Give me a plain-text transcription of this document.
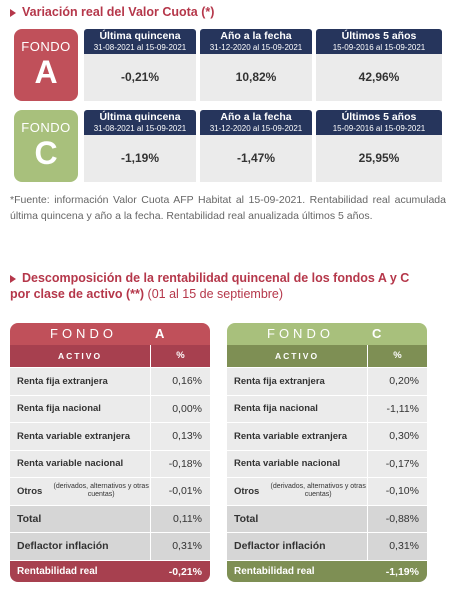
Variación real del Valor Cuota (*)
FONDO
A
Última quincena
31-08-2021 al 15-09-2021
-0,21%
Año a la fecha
31-12-2020 al 15-09-2021
10,82%
Últimos 5 años
15-09-2016 al 15-09-2021
42,96%
FONDO
C
Última quincena
31-08-2021 al 15-09-2021
-1,19%
Año a la fecha
31-12-2020 al 15-09-2021
-1,47%
Últimos 5 años
15-09-2016 al 15-09-2021
25,95%
*Fuente: información Valor Cuota AFP Habitat al 15-09-2021. Rentabilidad real acumulada última quincena y año a la fecha. Rentabilidad real anualizada últimos 5 años.
Descomposición de la rentabilidad quincenal de los fondos A y C
por clase de activo (**) (01 al 15 de septiembre)
FONDO	A
ACTIVO	%
Renta fija extranjera	0,16%
Renta fija nacional	0,00%
Renta variable extranjera	0,13%
Renta variable nacional	-0,18%
Otros (derivados, alternativos y otras cuentas)	-0,01%
Total	0,11%
Deflactor inflación	0,31%
Rentabilidad real	-0,21%
FONDO	C
ACTIVO	%
Renta fija extranjera	0,20%
Renta fija nacional	-1,11%
Renta variable extranjera	0,30%
Renta variable nacional	-0,17%
Otros (derivados, alternativos y otras cuentas)	-0,10%
Total	-0,88%
Deflactor inflación	0,31%
Rentabilidad real	-1,19%
